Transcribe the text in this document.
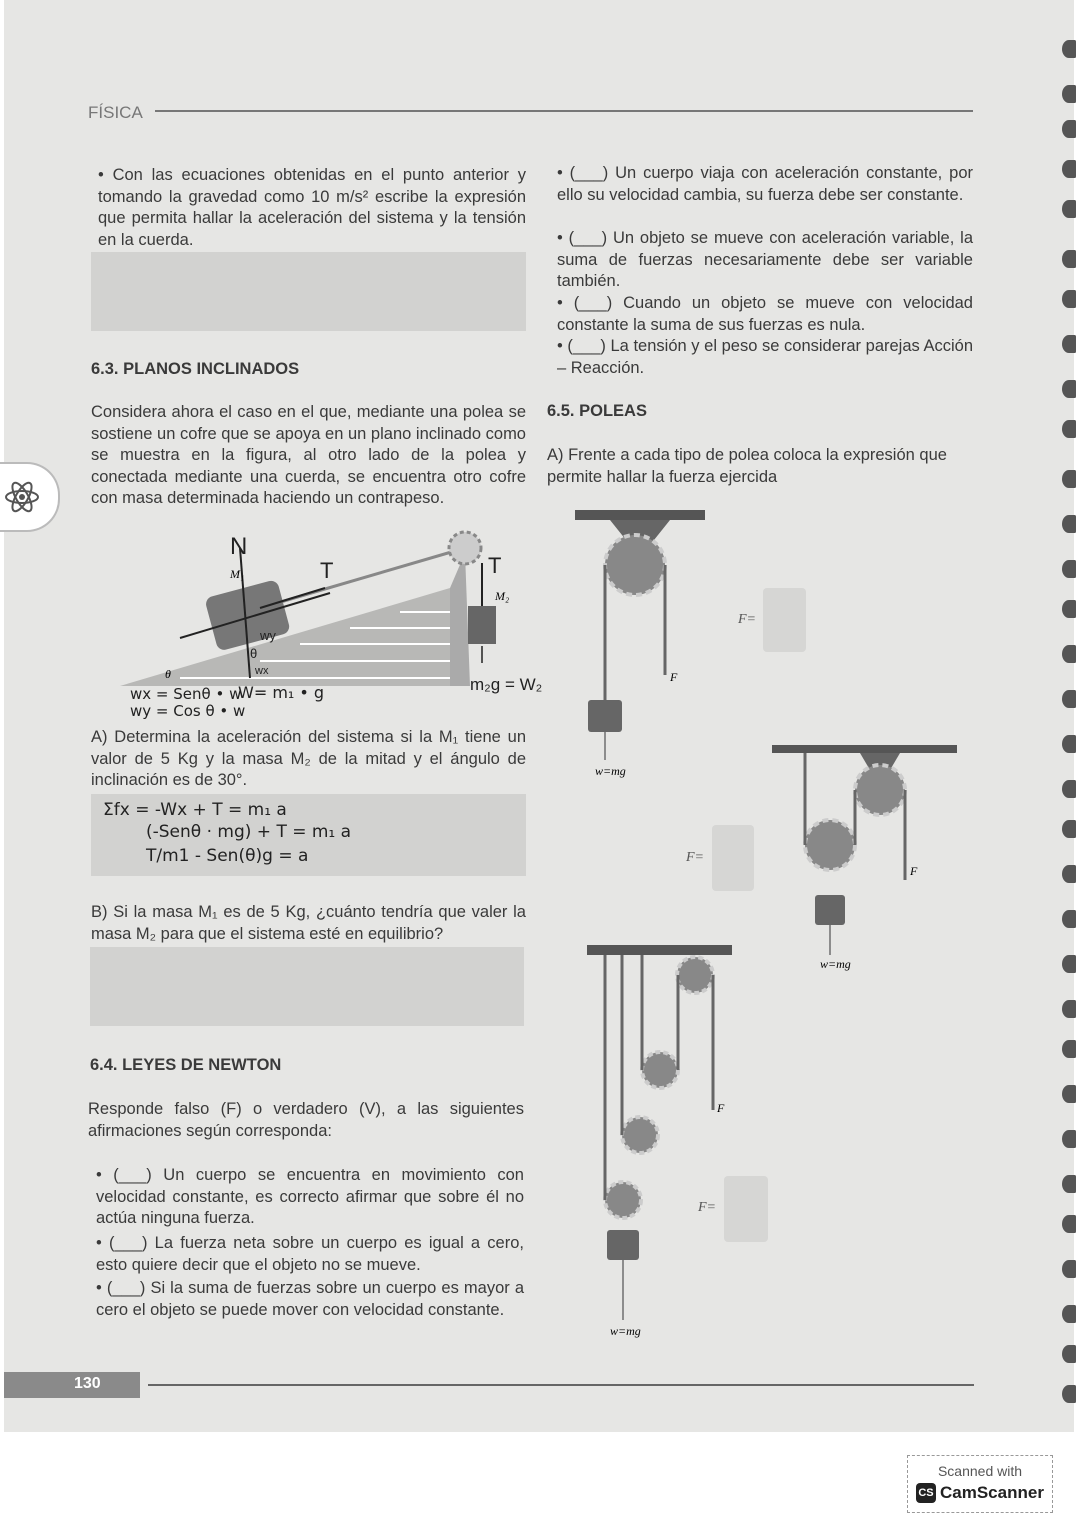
FÍSICA
• Con las ecuaciones obtenidas en el punto anterior y tomando la gravedad como 10 m/s² escribe la expresión que permita hallar la aceleración del sistema y la tensión en la cuerda.
6.3. PLANOS INCLINADOS
Considera ahora el caso en el que, mediante una polea se sostiene un cofre que se apoya en un plano inclinado como se muestra en la figura, al otro lado de la polea y conectada mediante una cuerda, se encuentra otro cofre con masa determinada haciendo un contrapeso.
N
T	T
M₁
M₂
θ
wy
θ
wx
m₂g = W₂
wx = Senθ • w
W= m₁ • g
wy = Cos θ • w
A) Determina la aceleración del sistema si la M₁ tiene un valor de 5 Kg y la masa M₂ de la mitad y el ángulo de inclinación es de 30°.
Σfx = -Wx + T = m₁ a
(-Senθ · mg) + T = m₁ a
T/m1 - Sen(θ)g = a
B) Si la masa M₁ es de 5 Kg, ¿cuánto tendría que valer la masa M₂ para que el sistema esté en equilibrio?
6.4. LEYES DE NEWTON
Responde falso (F) o verdadero (V), a las siguientes afirmaciones según corresponda:
• (___) Un cuerpo se encuentra en movimiento con velocidad constante, es correcto afirmar que sobre él no actúa ninguna fuerza.
• (___) La fuerza neta sobre un cuerpo es igual a cero, esto quiere decir que el objeto no se mueve.
• (___) Si la suma de fuerzas sobre un cuerpo es mayor a cero el objeto se puede mover con velocidad constante.
• (___) Un cuerpo viaja con aceleración constante, por ello su velocidad cambia, su fuerza debe ser constante.
• (___) Un objeto se mueve con aceleración variable, la suma de fuerzas necesariamente debe ser variable también.
• (___) Cuando un objeto se mueve con velocidad constante la suma de sus fuerzas es nula.
• (___) La tensión y el peso se considerar parejas Acción – Reacción.
6.5. POLEAS
A) Frente a cada tipo de polea coloca la expresión que permite hallar la fuerza ejercida
F
w=mg
F=
F
w=mg
F=
F
w=mg
F=
130
Scanned with
CS CamScanner
